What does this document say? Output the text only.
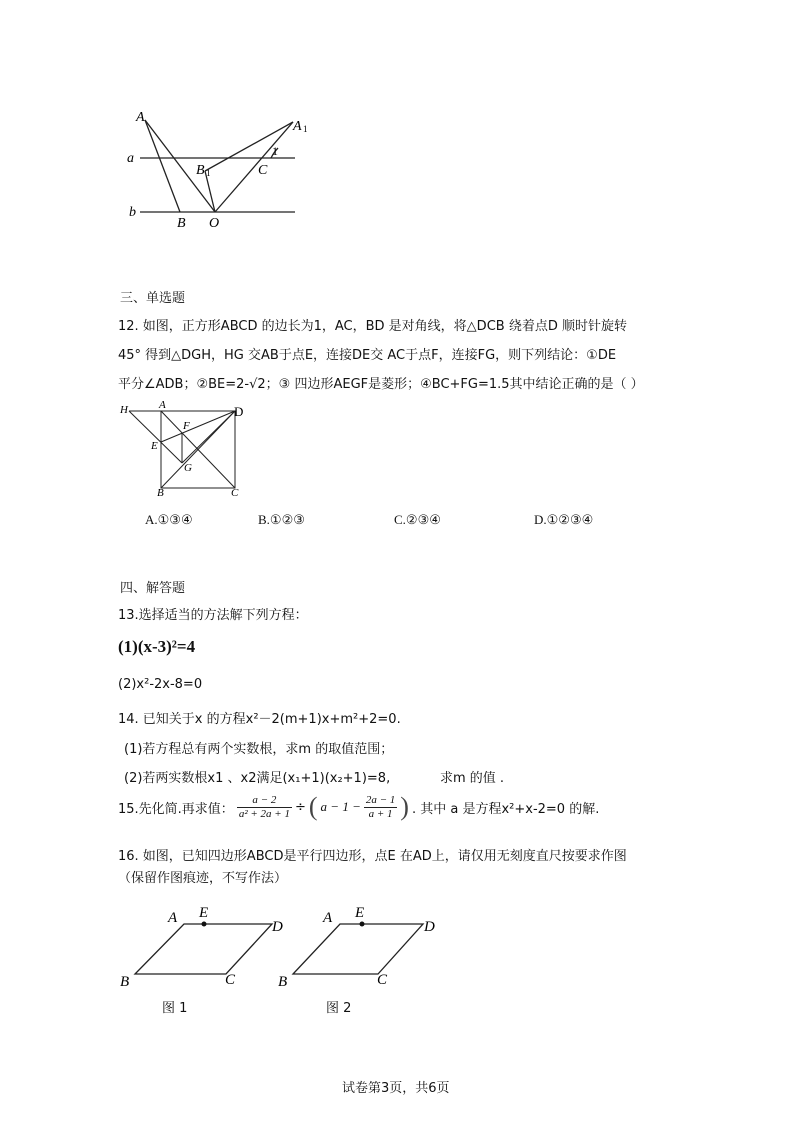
A
A 1
a
b
B 1	C
1
B O
三、单选题
12. 如图，正方形ABCD 的边长为1，AC，BD 是对角线，将△DCB 绕着点D 顺时针旋转
45° 得到△DGH，HG 交AB于点E，连接DE交 AC于点F，连接FG，则下列结论：①DE
平分∠ADB；②BE=2-√2；③ 四边形AEGF是菱形；④BC+FG=1.5其中结论正确的是（ ）
H	A	D
F
E
G
B	C
A.①③④	B.①②③	C.②③④	D.①②③④
四、解答题
13.选择适当的方法解下列方程：
(1)(x-3)²=4
(2)x²-2x-8=0
14. 已知关于x 的方程x²－2(m+1)x+m²+2=0.
(1)若方程总有两个实数根，求m 的取值范围；
(2)若两实数根x1 、x2满足(x₁+1)(x₂+1)=8,	求m 的值 .
15.先化简.再求值： $\frac{a - 2}{\text{a² + 2a + 1}}$ ÷ ( $a - 1 - \frac{2a - 1}{a + 1}$ ) . 其中 a 是方程x²+x-2=0 的解.
16. 如图，已知四边形ABCD是平行四边形，点E 在AD上，请仅用无刻度直尺按要求作图
（保留作图痕迹，不写作法）
A E
D
B	C
A E
D
B	C
图 1	图 2
试卷第3页，共6页
